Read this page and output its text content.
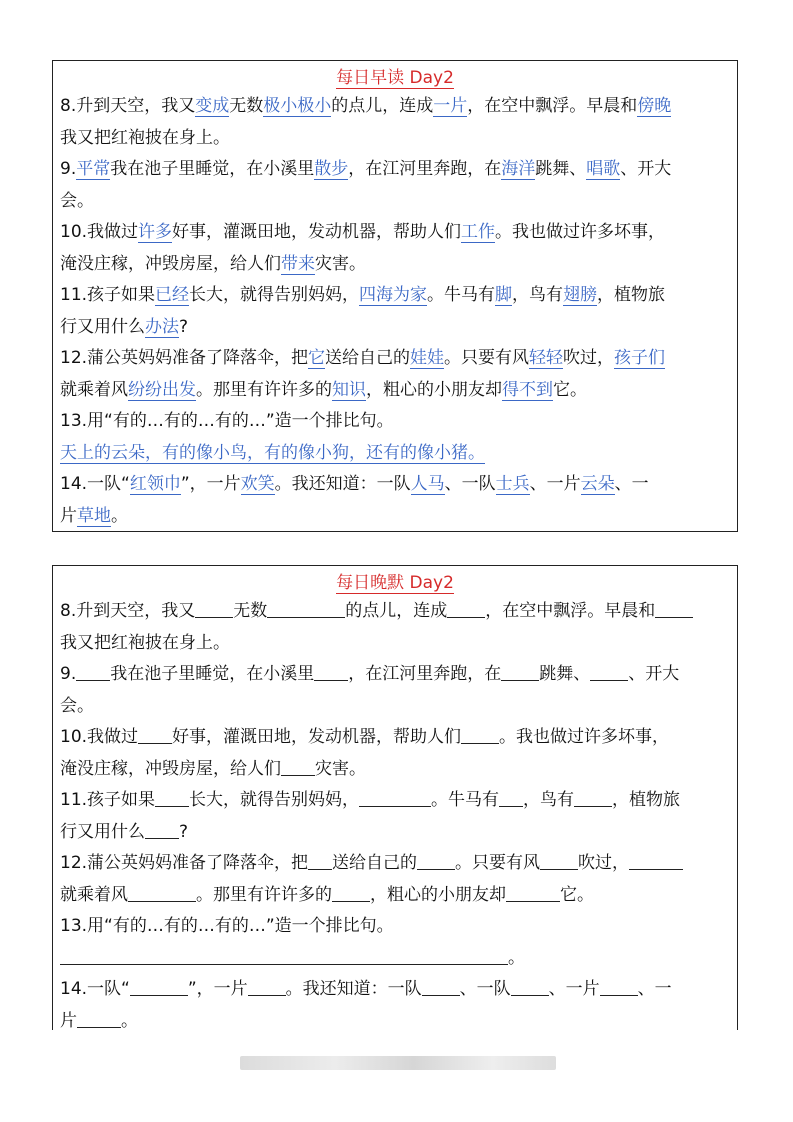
每日早读 Day2
8.升到天空，我又变成无数极小极小的点儿，连成一片，在空中飘浮。早晨和傍晚
我又把红袍披在身上。
9.平常我在池子里睡觉，在小溪里散步，在江河里奔跑，在海洋跳舞、唱歌、开大
会。
10.我做过许多好事，灌溉田地，发动机器，帮助人们工作。我也做过许多坏事，
淹没庄稼，冲毁房屋，给人们带来灾害。
11.孩子如果已经长大，就得告别妈妈，四海为家。牛马有脚，鸟有翅膀，植物旅
行又用什么办法?
12.蒲公英妈妈准备了降落伞，把它送给自己的娃娃。只要有风轻轻吹过，孩子们
就乘着风纷纷出发。那里有许许多的知识，粗心的小朋友却得不到它。
13.用“有的…有的…有的…”造一个排比句。
天上的云朵，有的像小鸟，有的像小狗，还有的像小猪。
14.一队“红领巾”，一片欢笑。我还知道：一队人马、一队士兵、一片云朵、一
片草地。
每日晚默 Day2
8.升到天空，我又 无数	的点儿，连成 ，在空中飘浮。早晨和
我又把红袍披在身上。
9. 我在池子里睡觉，在小溪里 ，在江河里奔跑，在 跳舞、 、开大
会。
10.我做过 好事，灌溉田地，发动机器，帮助人们 。我也做过许多坏事，
淹没庄稼，冲毁房屋，给人们 灾害。
11.孩子如果 长大，就得告别妈妈，	。牛马有 ，鸟有 ，植物旅
行又用什么 ?
12.蒲公英妈妈准备了降落伞，把 送给自己的 。只要有风 吹过，
就乘着风	。那里有许许多的 ，粗心的小朋友却	它。
13.用“有的…有的…有的…”造一个排比句。
。
14.一队“	”，一片 。我还知道：一队 、一队 、一片 、一
片	。
